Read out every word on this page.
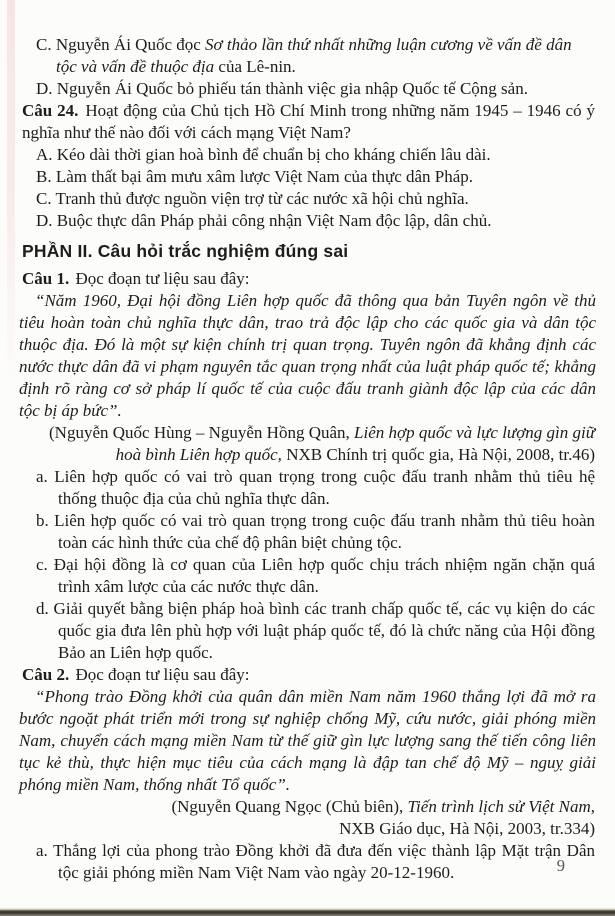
C. Nguyễn Ái Quốc đọc Sơ thảo lần thứ nhất những luận cương về vấn đề dân tộc và vấn đề thuộc địa của Lê-nin.

D. Nguyễn Ái Quốc bỏ phiếu tán thành việc gia nhập Quốc tế Cộng sản.

Câu 24. Hoạt động của Chủ tịch Hồ Chí Minh trong những năm 1945 – 1946 có ý nghĩa như thế nào đối với cách mạng Việt Nam?

A. Kéo dài thời gian hoà bình để chuẩn bị cho kháng chiến lâu dài.

B. Làm thất bại âm mưu xâm lược Việt Nam của thực dân Pháp.

C. Tranh thủ được nguồn viện trợ từ các nước xã hội chủ nghĩa.

D. Buộc thực dân Pháp phải công nhận Việt Nam độc lập, dân chủ.

PHẦN II. Câu hỏi trắc nghiệm đúng sai

Câu 1. Đọc đoạn tư liệu sau đây:

“Năm 1960, Đại hội đồng Liên hợp quốc đã thông qua bản Tuyên ngôn về thủ tiêu hoàn toàn chủ nghĩa thực dân, trao trả độc lập cho các quốc gia và dân tộc thuộc địa. Đó là một sự kiện chính trị quan trọng. Tuyên ngôn đã khẳng định các nước thực dân đã vi phạm nguyên tắc quan trọng nhất của luật pháp quốc tế; khẳng định rõ ràng cơ sở pháp lí quốc tế của cuộc đấu tranh giành độc lập của các dân tộc bị áp bức”.

(Nguyễn Quốc Hùng – Nguyễn Hồng Quân, Liên hợp quốc và lực lượng gìn giữ

hoà bình Liên hợp quốc, NXB Chính trị quốc gia, Hà Nội, 2008, tr.46)

a. Liên hợp quốc có vai trò quan trọng trong cuộc đấu tranh nhằm thủ tiêu hệ thống thuộc địa của chủ nghĩa thực dân.

b. Liên hợp quốc có vai trò quan trọng trong cuộc đấu tranh nhằm thủ tiêu hoàn toàn các hình thức của chế độ phân biệt chủng tộc.

c. Đại hội đồng là cơ quan của Liên hợp quốc chịu trách nhiệm ngăn chặn quá trình xâm lược của các nước thực dân.

d. Giải quyết bằng biện pháp hoà bình các tranh chấp quốc tế, các vụ kiện do các quốc gia đưa lên phù hợp với luật pháp quốc tế, đó là chức năng của Hội đồng Bảo an Liên hợp quốc.

Câu 2. Đọc đoạn tư liệu sau đây:

“Phong trào Đồng khởi của quân dân miền Nam năm 1960 thắng lợi đã mở ra bước ngoặt phát triển mới trong sự nghiệp chống Mỹ, cứu nước, giải phóng miền Nam, chuyển cách mạng miền Nam từ thế giữ gìn lực lượng sang thế tiến công liên tục kẻ thù, thực hiện mục tiêu của cách mạng là đập tan chế độ Mỹ – nguỵ giải phóng miền Nam, thống nhất Tổ quốc”.

(Nguyễn Quang Ngọc (Chủ biên), Tiến trình lịch sử Việt Nam,

NXB Giáo dục, Hà Nội, 2003, tr.334)

a. Thắng lợi của phong trào Đồng khởi đã đưa đến việc thành lập Mặt trận Dân tộc giải phóng miền Nam Việt Nam vào ngày 20-12-1960.	9
